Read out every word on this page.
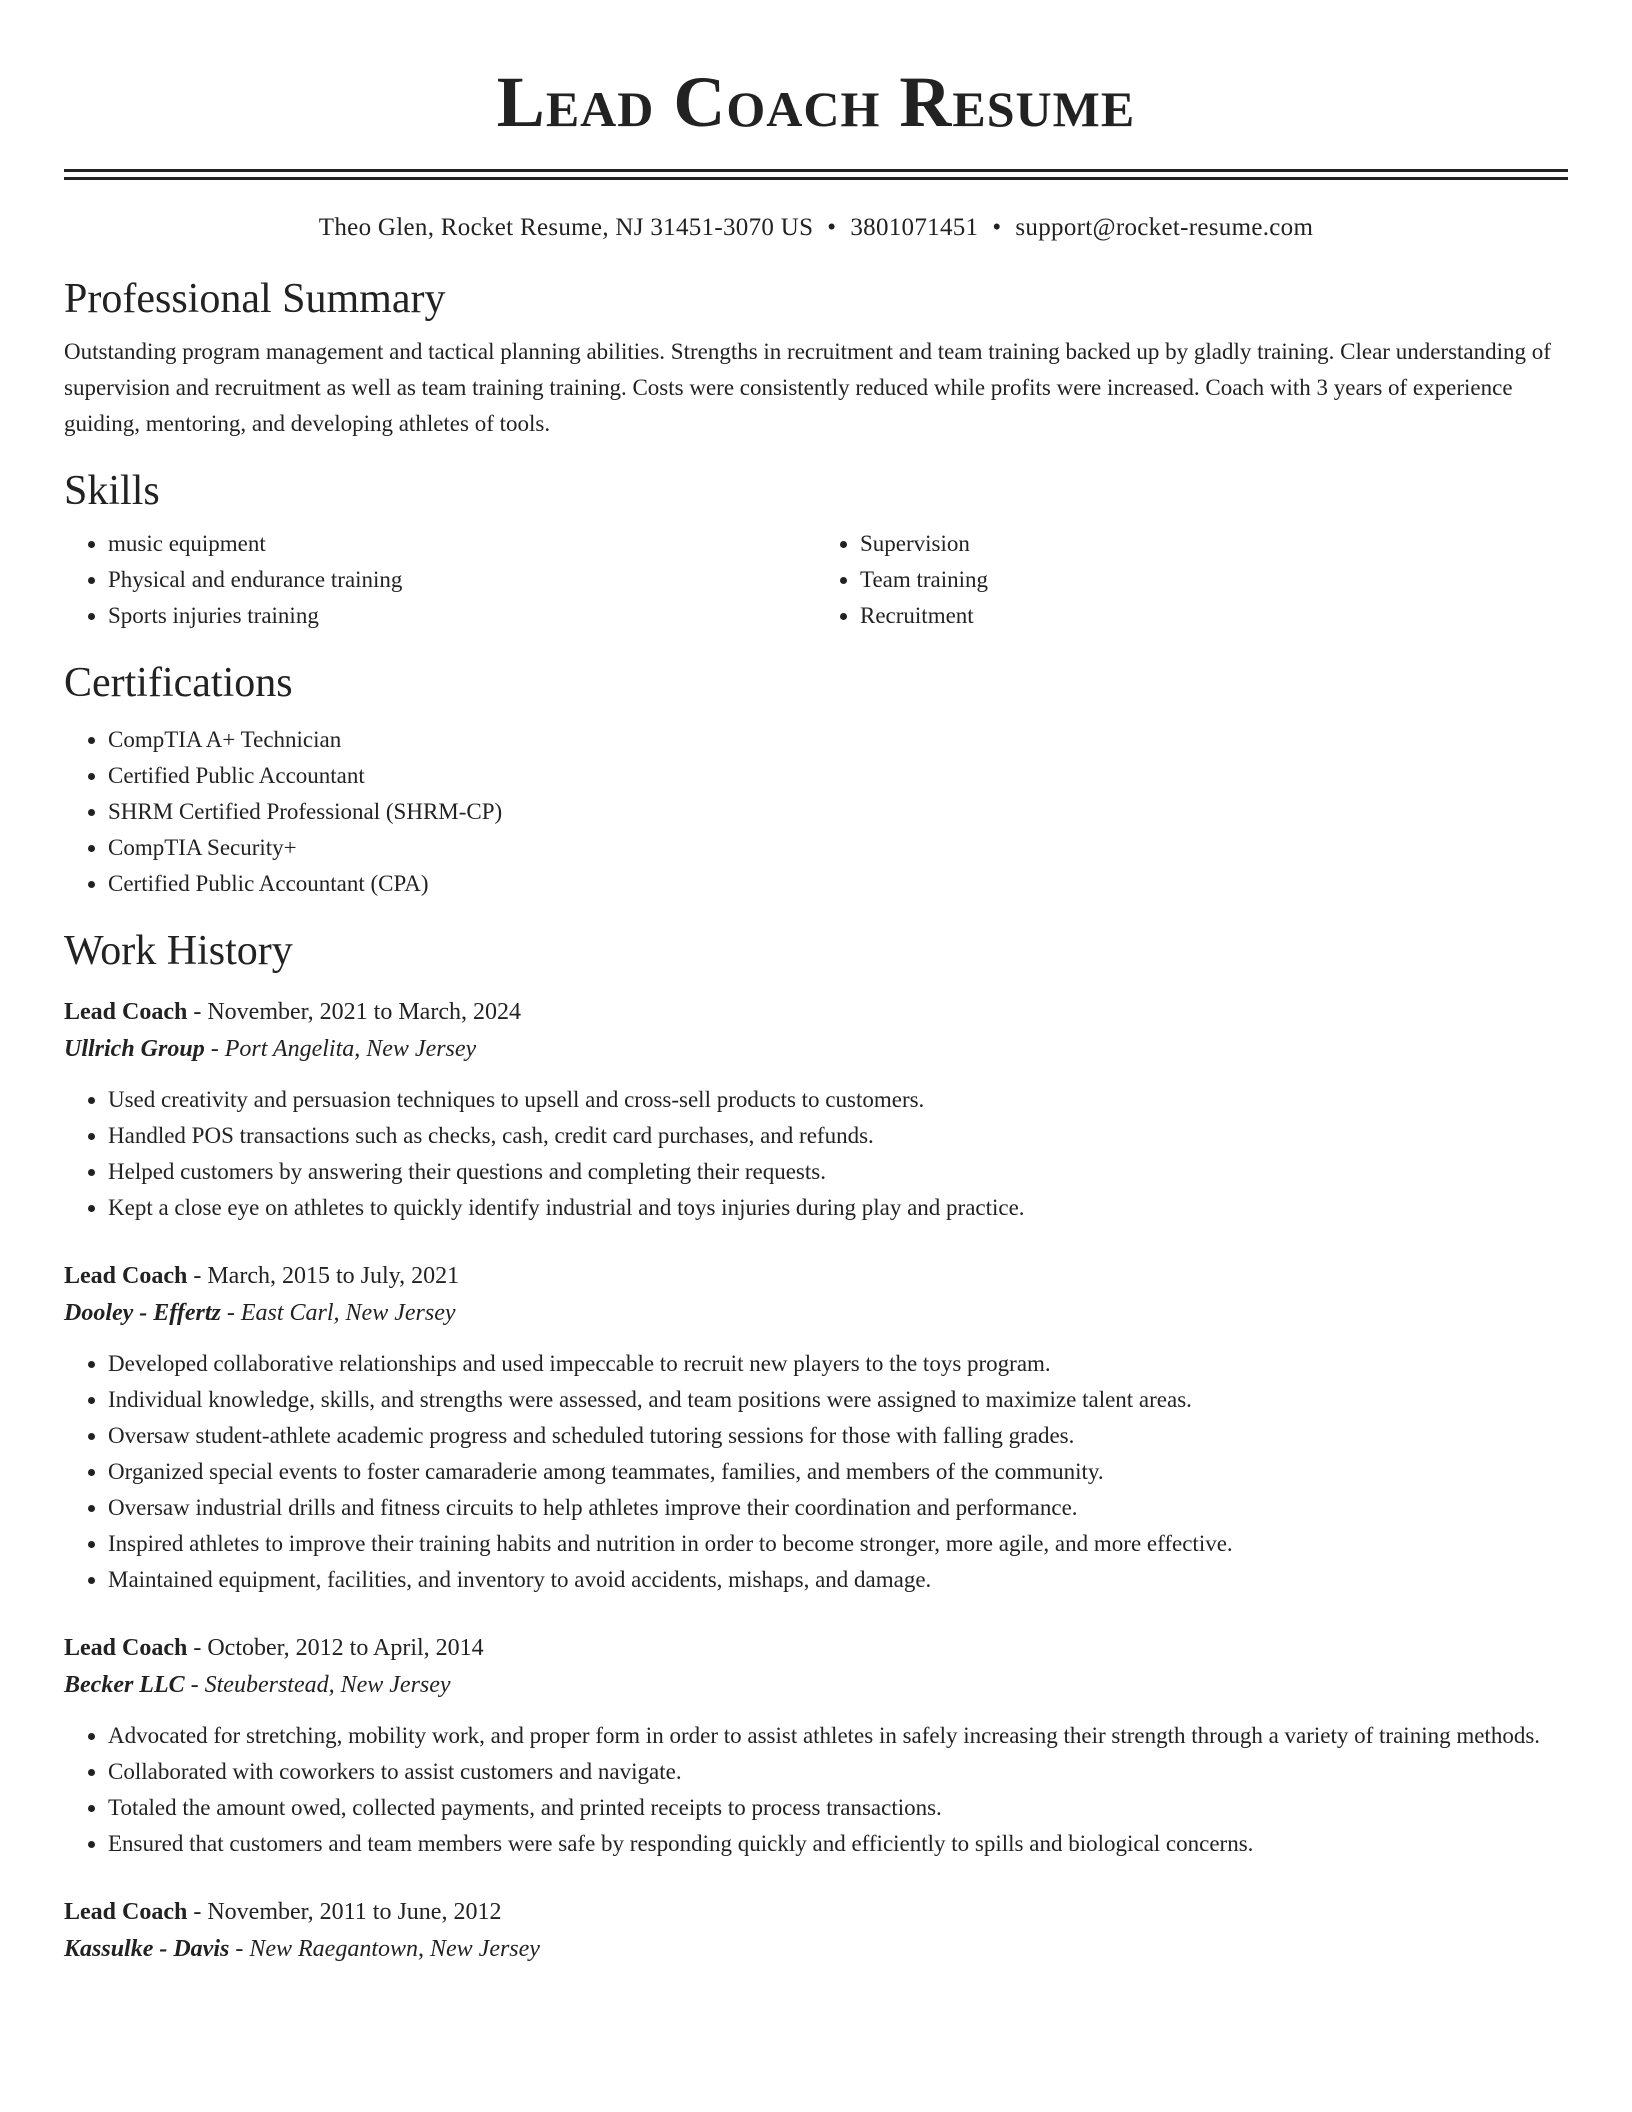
Lead Coach Resume
Theo Glen, Rocket Resume, NJ 31451-3070 US • 3801071451 • support@rocket-resume.com
Professional Summary

Outstanding program management and tactical planning abilities. Strengths in recruitment and team training backed up by gladly training. Clear understanding of supervision and recruitment as well as team training training. Costs were consistently reduced while profits were increased. Coach with 3 years of experience guiding, mentoring, and developing athletes of tools.

Skills
• music equipment
• Physical and endurance training
• Sports injuries training
• Supervision
• Team training
• Recruitment
Certifications
• CompTIA A+ Technician
• Certified Public Accountant
• SHRM Certified Professional (SHRM-CP)
• CompTIA Security+
• Certified Public Accountant (CPA)
Work History

Lead Coach - November, 2021 to March, 2024

Ullrich Group - Port Angelita, New Jersey

• Used creativity and persuasion techniques to upsell and cross-sell products to customers.
• Handled POS transactions such as checks, cash, credit card purchases, and refunds.
• Helped customers by answering their questions and completing their requests.
• Kept a close eye on athletes to quickly identify industrial and toys injuries during play and practice.

Lead Coach - March, 2015 to July, 2021

Dooley - Effertz - East Carl, New Jersey

• Developed collaborative relationships and used impeccable to recruit new players to the toys program.
• Individual knowledge, skills, and strengths were assessed, and team positions were assigned to maximize talent areas.
• Oversaw student-athlete academic progress and scheduled tutoring sessions for those with falling grades.
• Organized special events to foster camaraderie among teammates, families, and members of the community.
• Oversaw industrial drills and fitness circuits to help athletes improve their coordination and performance.
• Inspired athletes to improve their training habits and nutrition in order to become stronger, more agile, and more effective.
• Maintained equipment, facilities, and inventory to avoid accidents, mishaps, and damage.

Lead Coach - October, 2012 to April, 2014

Becker LLC - Steuberstead, New Jersey

• Advocated for stretching, mobility work, and proper form in order to assist athletes in safely increasing their strength through a variety of training methods.
• Collaborated with coworkers to assist customers and navigate.
• Totaled the amount owed, collected payments, and printed receipts to process transactions.
• Ensured that customers and team members were safe by responding quickly and efficiently to spills and biological concerns.

Lead Coach - November, 2011 to June, 2012

Kassulke - Davis - New Raegantown, New Jersey
